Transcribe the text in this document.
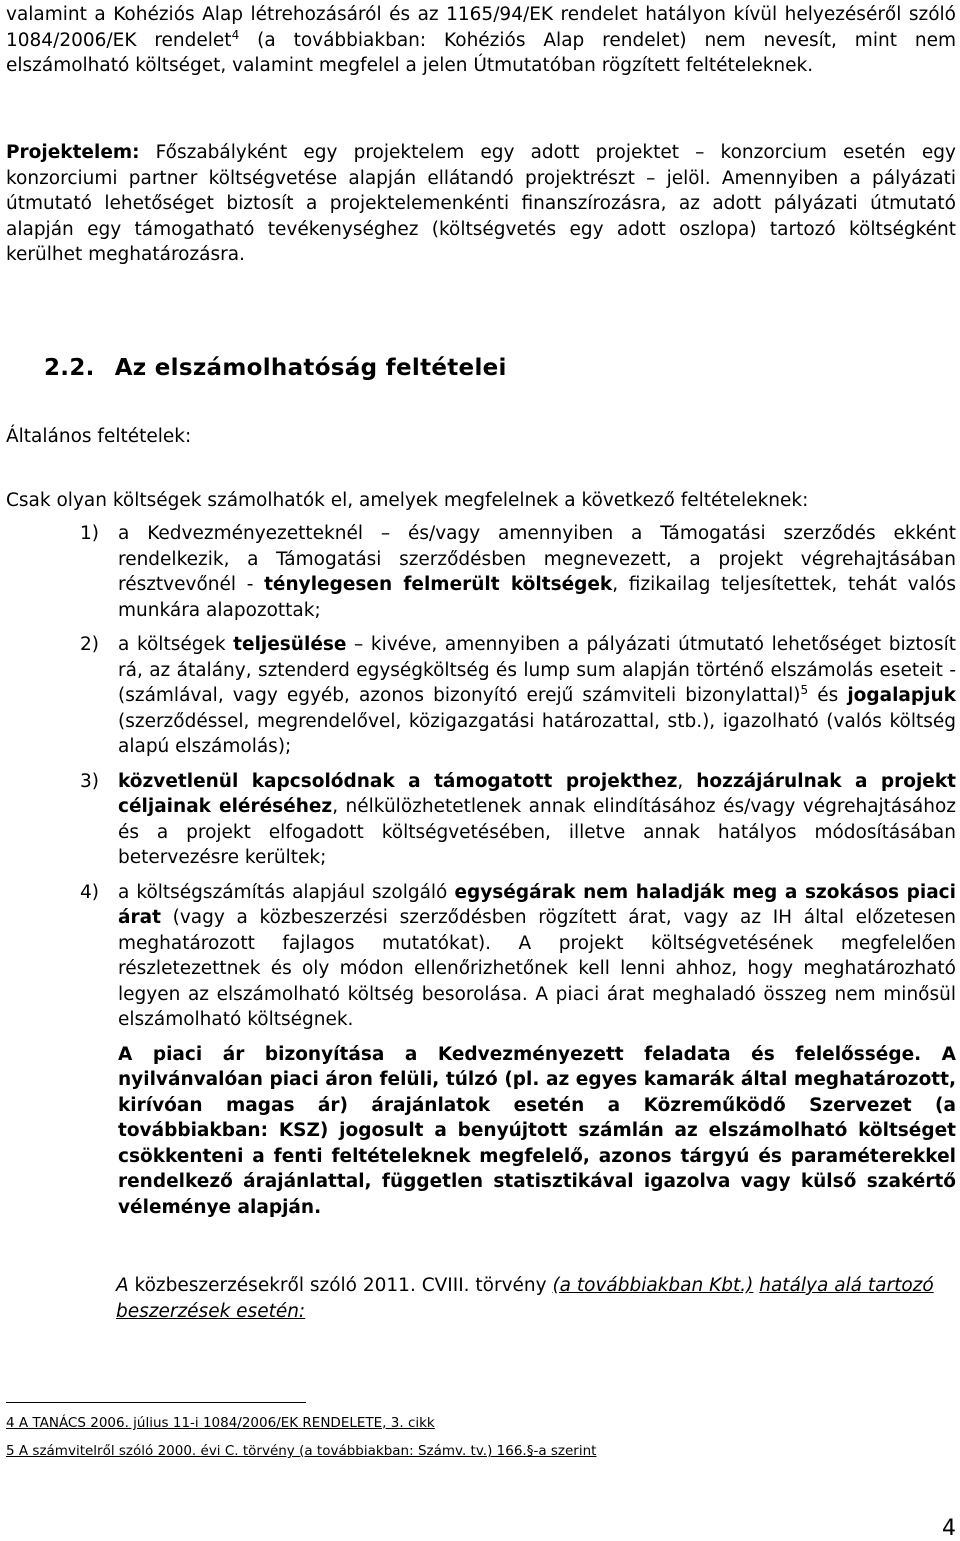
valamint a Kohéziós Alap létrehozásáról és az 1165/94/EK rendelet hatályon kívül helyezéséről szóló 1084/2006/EK rendelet$^4$ (a továbbiakban: Kohéziós Alap rendelet) nem nevesít, mint nem elszámolható költséget, valamint megfelel a jelen Útmutatóban rögzített feltételeknek.

Projektelem: Főszabályként egy projektelem egy adott projektet – konzorcium esetén egy konzorciumi partner költségvetése alapján ellátandó projektrészt – jelöl. Amennyiben a pályázati útmutató lehetőséget biztosít a projektelemenkénti finanszírozásra, az adott pályázati útmutató alapján egy támogatható tevékenységhez (költségvetés egy adott oszlopa) tartozó költségként kerülhet meghatározásra.

2.2. Az elszámolhatóság feltételei

Általános feltételek:

Csak olyan költségek számolhatók el, amelyek megfelelnek a következő feltételeknek:

1) a Kedvezményezetteknél – és/vagy amennyiben a Támogatási szerződés ekként rendelkezik, a Támogatási szerződésben megnevezett, a projekt végrehajtásában résztvevőnél - ténylegesen felmerült költségek, fizikailag teljesítettek, tehát valós munkára alapozottak;
2) a költségek teljesülése – kivéve, amennyiben a pályázati útmutató lehetőséget biztosít rá, az átalány, sztenderd egységköltség és lump sum alapján történő elszámolás eseteit - (számlával, vagy egyéb, azonos bizonyító erejű számviteli bizonylattal)$^5$ és jogalapjuk (szerződéssel, megrendelővel, közigazgatási határozattal, stb.), igazolható (valós költség alapú elszámolás);
3) közvetlenül kapcsolódnak a támogatott projekthez, hozzájárulnak a projekt céljainak eléréséhez, nélkülözhetetlenek annak elindításához és/vagy végrehajtásához és a projekt elfogadott költségvetésében, illetve annak hatályos módosításában betervezésre kerültek;
4) a költségszámítás alapjául szolgáló egységárak nem haladják meg a szokásos piaci árat (vagy a közbeszerzési szerződésben rögzített árat, vagy az IH által előzetesen meghatározott fajlagos mutatókat). A projekt költségvetésének megfelelően részletezettnek és oly módon ellenőrizhetőnek kell lenni ahhoz, hogy meghatározható legyen az elszámolható költség besorolása. A piaci árat meghaladó összeg nem minősül elszámolható költségnek.

A piaci ár bizonyítása a Kedvezményezett feladata és felelőssége. A nyilvánvalóan piaci áron felüli, túlzó (pl. az egyes kamarák által meghatározott, kirívóan magas ár) árajánlatok esetén a Közreműködő Szervezet (a továbbiakban: KSZ) jogosult a benyújtott számlán az elszámolható költséget csökkenteni a fenti feltételeknek megfelelő, azonos tárgyú és paraméterekkel rendelkező árajánlattal, független statisztikával igazolva vagy külső szakértő véleménye alapján.

A közbeszerzésekről szóló 2011. CVIII. törvény (a továbbiakban Kbt.) hatálya alá tartozó beszerzések esetén:

4 A TANÁCS 2006. július 11-i 1084/2006/EK RENDELETE, 3. cikk

5 A számvitelről szóló 2000. évi C. törvény (a továbbiakban: Számv. tv.) 166.§-a szerint

4
